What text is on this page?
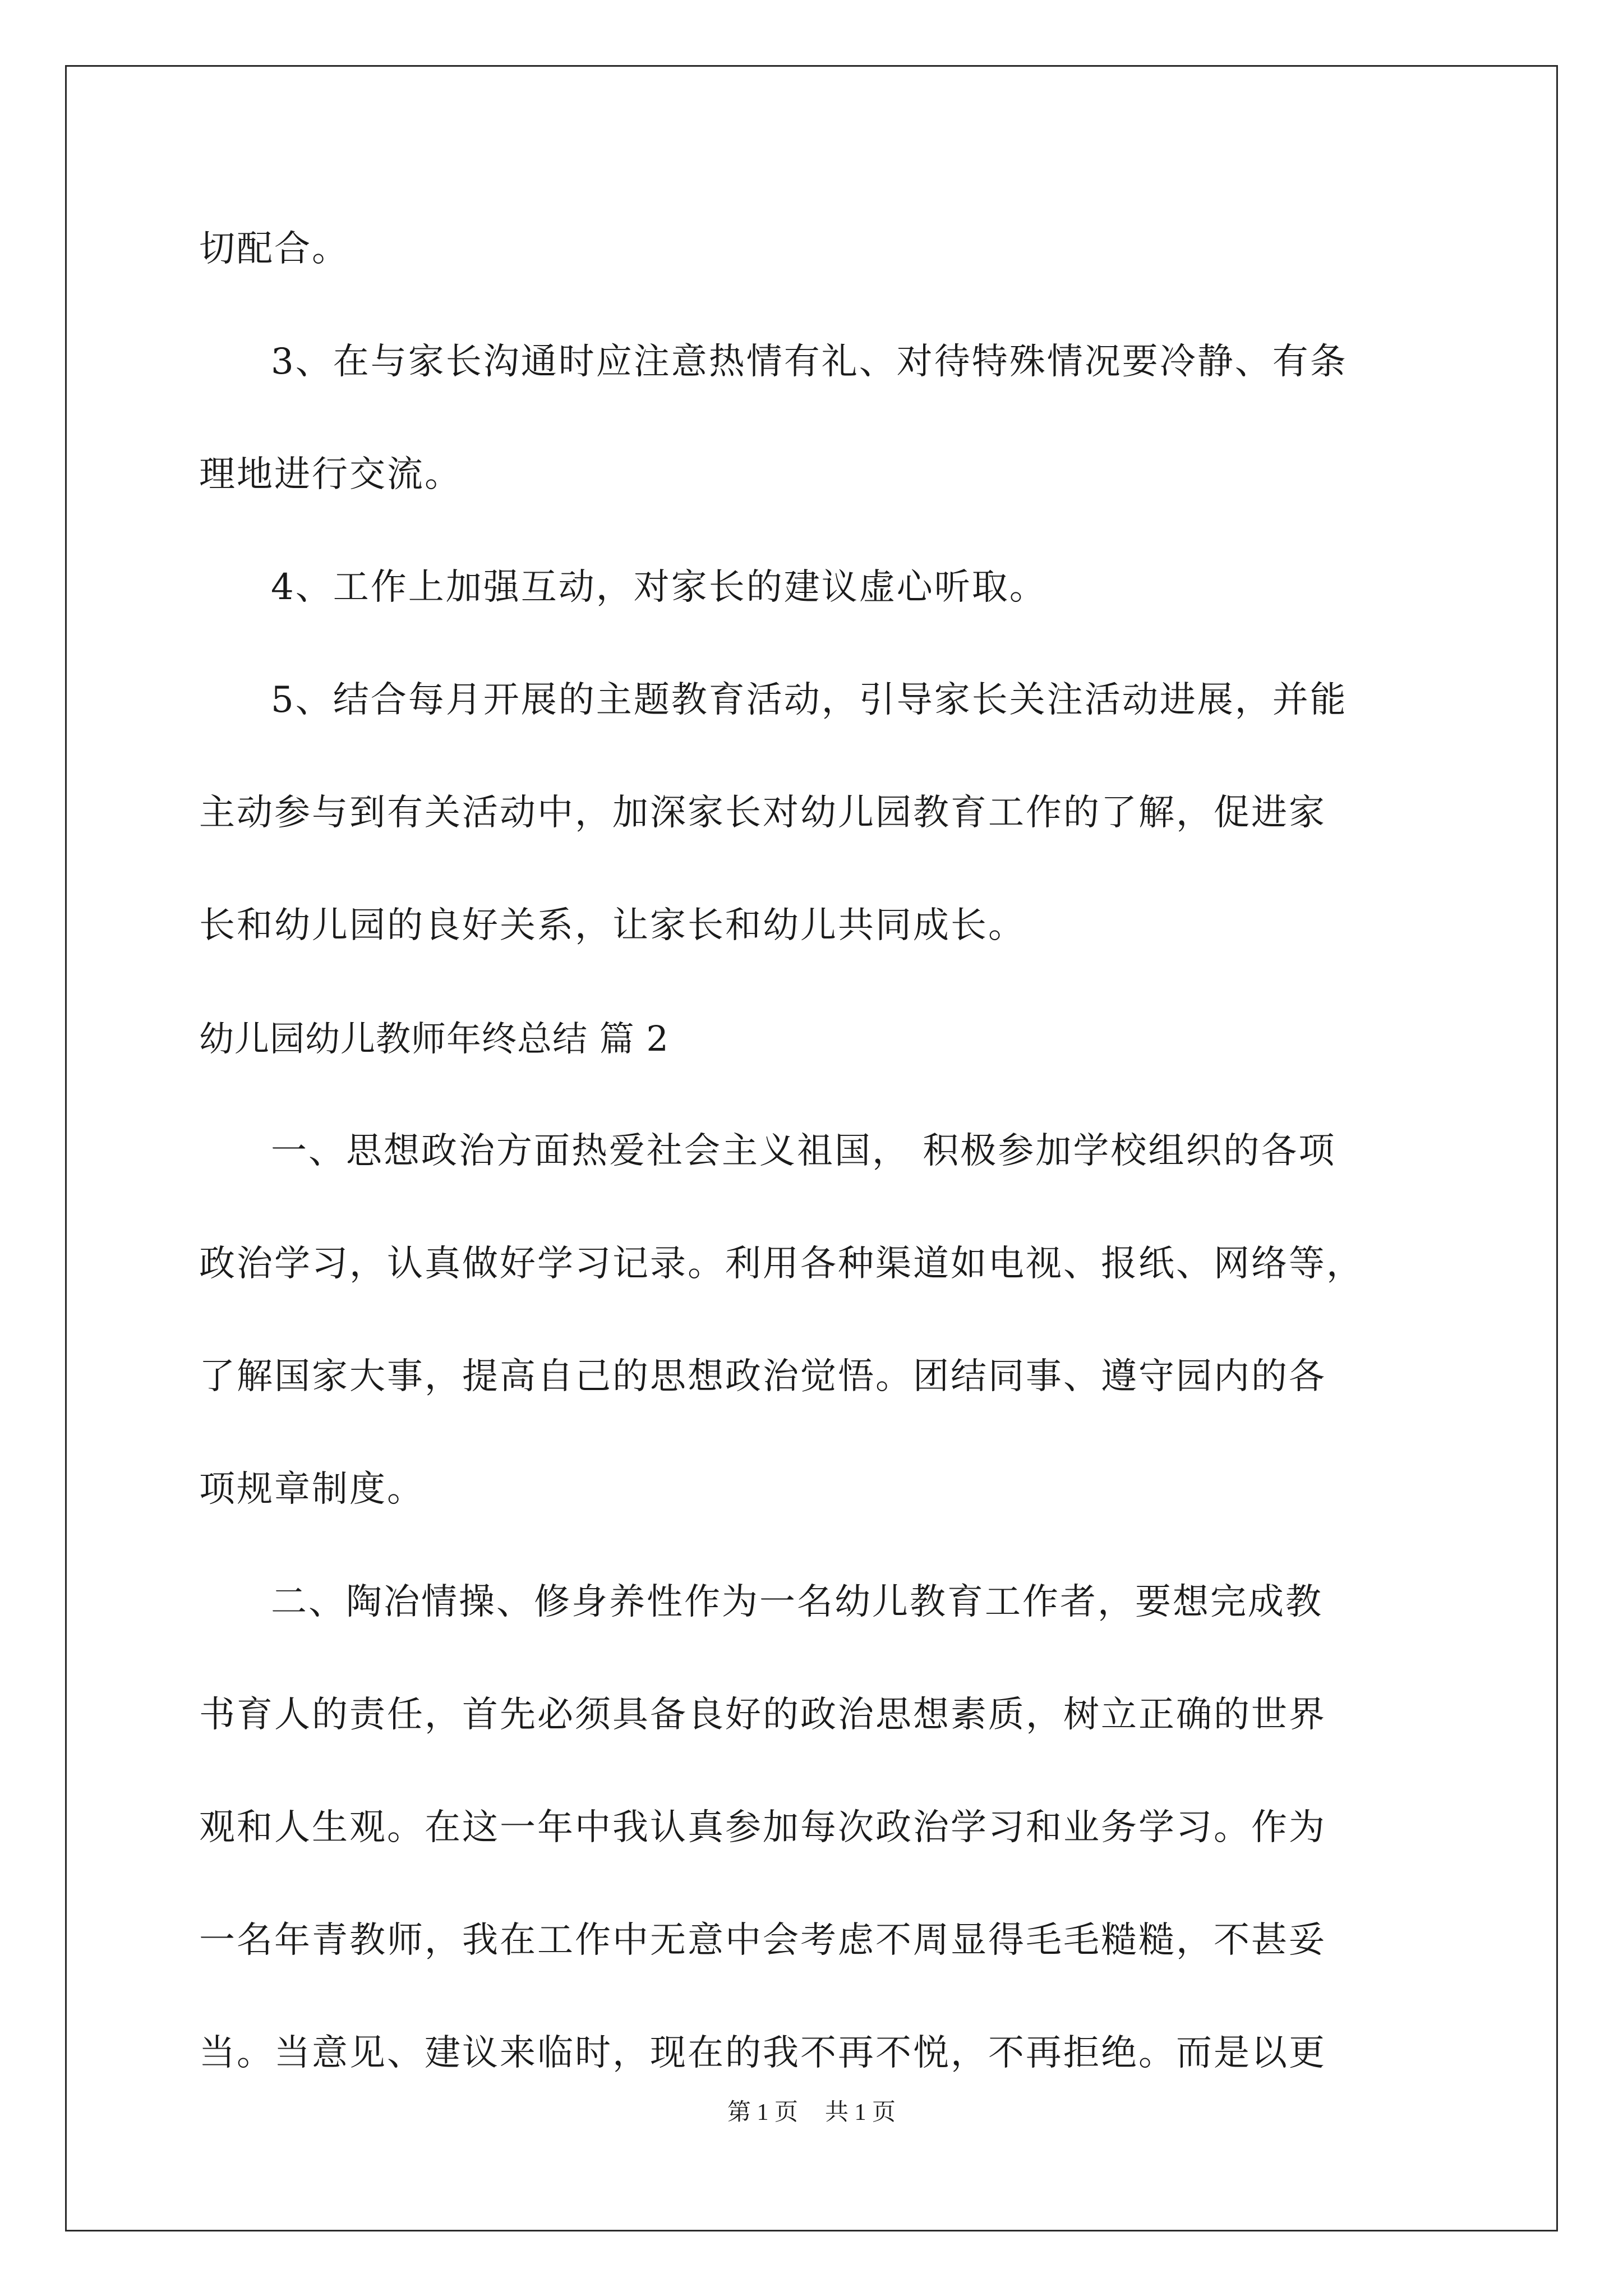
切配合。
3、在与家长沟通时应注意热情有礼、对待特殊情况要冷静、有条
理地进行交流。
4、工作上加强互动，对家长的建议虚心听取。
5、结合每月开展的主题教育活动，引导家长关注活动进展，并能
主动参与到有关活动中，加深家长对幼儿园教育工作的了解，促进家
长和幼儿园的良好关系，让家长和幼儿共同成长。
幼儿园幼儿教师年终总结 篇 2
一、思想政治方面热爱社会主义祖国， 积极参加学校组织的各项
政治学习，认真做好学习记录。利用各种渠道如电视、报纸、网络等，
了解国家大事，提高自己的思想政治觉悟。团结同事、遵守园内的各
项规章制度。
二、陶冶情操、修身养性作为一名幼儿教育工作者，要想完成教
书育人的责任，首先必须具备良好的政治思想素质，树立正确的世界
观和人生观。在这一年中我认真参加每次政治学习和业务学习。作为
一名年青教师，我在工作中无意中会考虑不周显得毛毛糙糙，不甚妥
当。当意见、建议来临时，现在的我不再不悦，不再拒绝。而是以更
第 1 页 共 1 页
